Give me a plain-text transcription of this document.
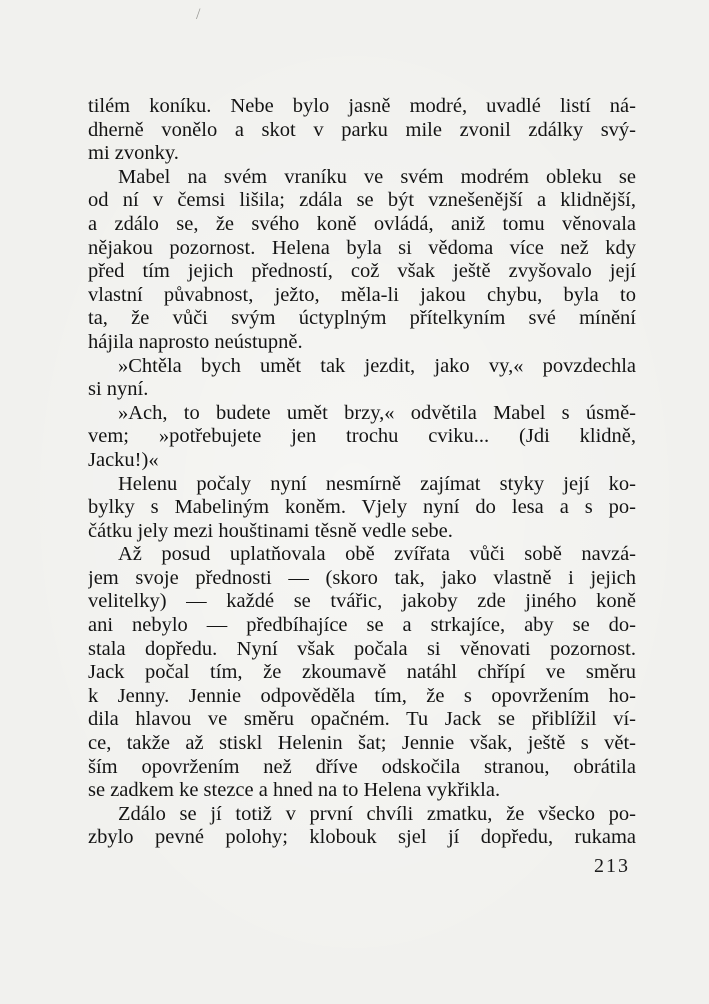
/
tilém koníku. Nebe bylo jasně modré, uvadlé listí ná-
dherně vonělo a skot v parku mile zvonil zdálky svý-
mi zvonky.
Mabel na svém vraníku ve svém modrém obleku se
od ní v čemsi lišila; zdála se být vznešenější a klidnější,
a zdálo se, že svého koně ovládá, aniž tomu věnovala
nějakou pozornost. Helena byla si vědoma více než kdy
před tím jejich předností, což však ještě zvyšovalo její
vlastní půvabnost, ježto, měla-li jakou chybu, byla to
ta, že vůči svým úctyplným přítelkyním své mínění
hájila naprosto neústupně.
»Chtěla bych umět tak jezdit, jako vy,« povzdechla
si nyní.
»Ach, to budete umět brzy,« odvětila Mabel s úsmě-
vem; »potřebujete jen trochu cviku... (Jdi klidně,
Jacku!)«
Helenu počaly nyní nesmírně zajímat styky její ko-
bylky s Mabeliným koněm. Vjely nyní do lesa a s po-
čátku jely mezi houštinami těsně vedle sebe.
Až posud uplatňovala obě zvířata vůči sobě navzá-
jem svoje přednosti — (skoro tak, jako vlastně i jejich
velitelky) — každé se tvářic, jakoby zde jiného koně
ani nebylo — předbíhajíce se a strkajíce, aby se do-
stala dopředu. Nyní však počala si věnovati pozornost.
Jack počal tím, že zkoumavě natáhl chřípí ve směru
k Jenny. Jennie odpověděla tím, že s opovržením ho-
dila hlavou ve směru opačném. Tu Jack se přiblížil ví-
ce, takže až stiskl Helenin šat; Jennie však, ještě s vět-
ším opovržením než dříve odskočila stranou, obrátila
se zadkem ke stezce a hned na to Helena vykřikla.
Zdálo se jí totiž v první chvíli zmatku, že všecko po-
zbylo pevné polohy; klobouk sjel jí dopředu, rukama
213
